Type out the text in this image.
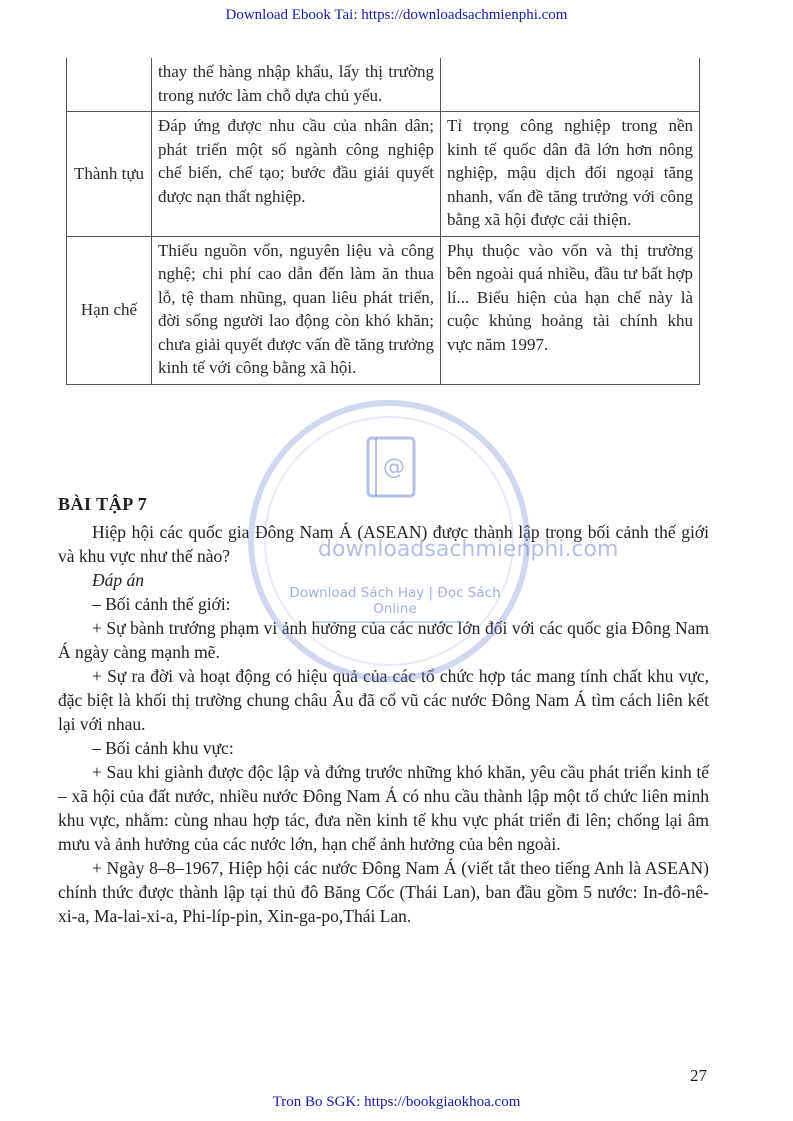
Download Ebook Tai: https://downloadsachmienphi.com
	thay thế hàng nhập khẩu, lấy thị trường trong nước làm chỗ dựa chủ yếu.	
Thành tựu	Đáp ứng được nhu cầu của nhân dân; phát triển một số ngành công nghiệp chế biến, chế tạo; bước đầu giải quyết được nạn thất nghiệp.	Tỉ trọng công nghiệp trong nền kinh tế quốc dân đã lớn hơn nông nghiệp, mậu dịch đối ngoại tăng nhanh, vấn đề tăng trưởng với công bằng xã hội được cải thiện.
Hạn chế	Thiếu nguồn vốn, nguyên liệu và công nghệ; chi phí cao dẫn đến làm ăn thua lỗ, tệ tham nhũng, quan liêu phát triển, đời sống người lao động còn khó khăn; chưa giải quyết được vấn đề tăng trưởng kinh tế với công bằng xã hội.	Phụ thuộc vào vốn và thị trường bên ngoài quá nhiều, đầu tư bất hợp lí... Biểu hiện của hạn chế này là cuộc khủng hoảng tài chính khu vực năm 1997.
BÀI TẬP 7

Hiệp hội các quốc gia Đông Nam Á (ASEAN) được thành lập trong bối cảnh thế giới và khu vực như thế nào?

Đáp án

– Bối cảnh thế giới:

+ Sự bành trướng phạm vi ảnh hưởng của các nước lớn đối với các quốc gia Đông Nam Á ngày càng mạnh mẽ.

+ Sự ra đời và hoạt động có hiệu quả của các tổ chức hợp tác mang tính chất khu vực, đặc biệt là khối thị trường chung châu Âu đã cổ vũ các nước Đông Nam Á tìm cách liên kết lại với nhau.

– Bối cảnh khu vực:

+ Sau khi giành được độc lập và đứng trước những khó khăn, yêu cầu phát triển kinh tế – xã hội của đất nước, nhiều nước Đông Nam Á có nhu cầu thành lập một tổ chức liên minh khu vực, nhằm: cùng nhau hợp tác, đưa nền kinh tế khu vực phát triển đi lên; chống lại âm mưu và ảnh hưởng của các nước lớn, hạn chế ảnh hưởng của bên ngoài.

+ Ngày 8–8–1967, Hiệp hội các nước Đông Nam Á (viết tắt theo tiếng Anh là ASEAN) chính thức được thành lập tại thủ đô Băng Cốc (Thái Lan), ban đầu gồm 5 nước: In-đô-nê-xi-a, Ma-lai-xi-a, Phi-líp-pin, Xin-ga-po,Thái Lan.

@
downloadsachmienphi.com
Download Sách Hay | Đọc Sách Online
27
Tron Bo SGK: https://bookgiaokhoa.com
